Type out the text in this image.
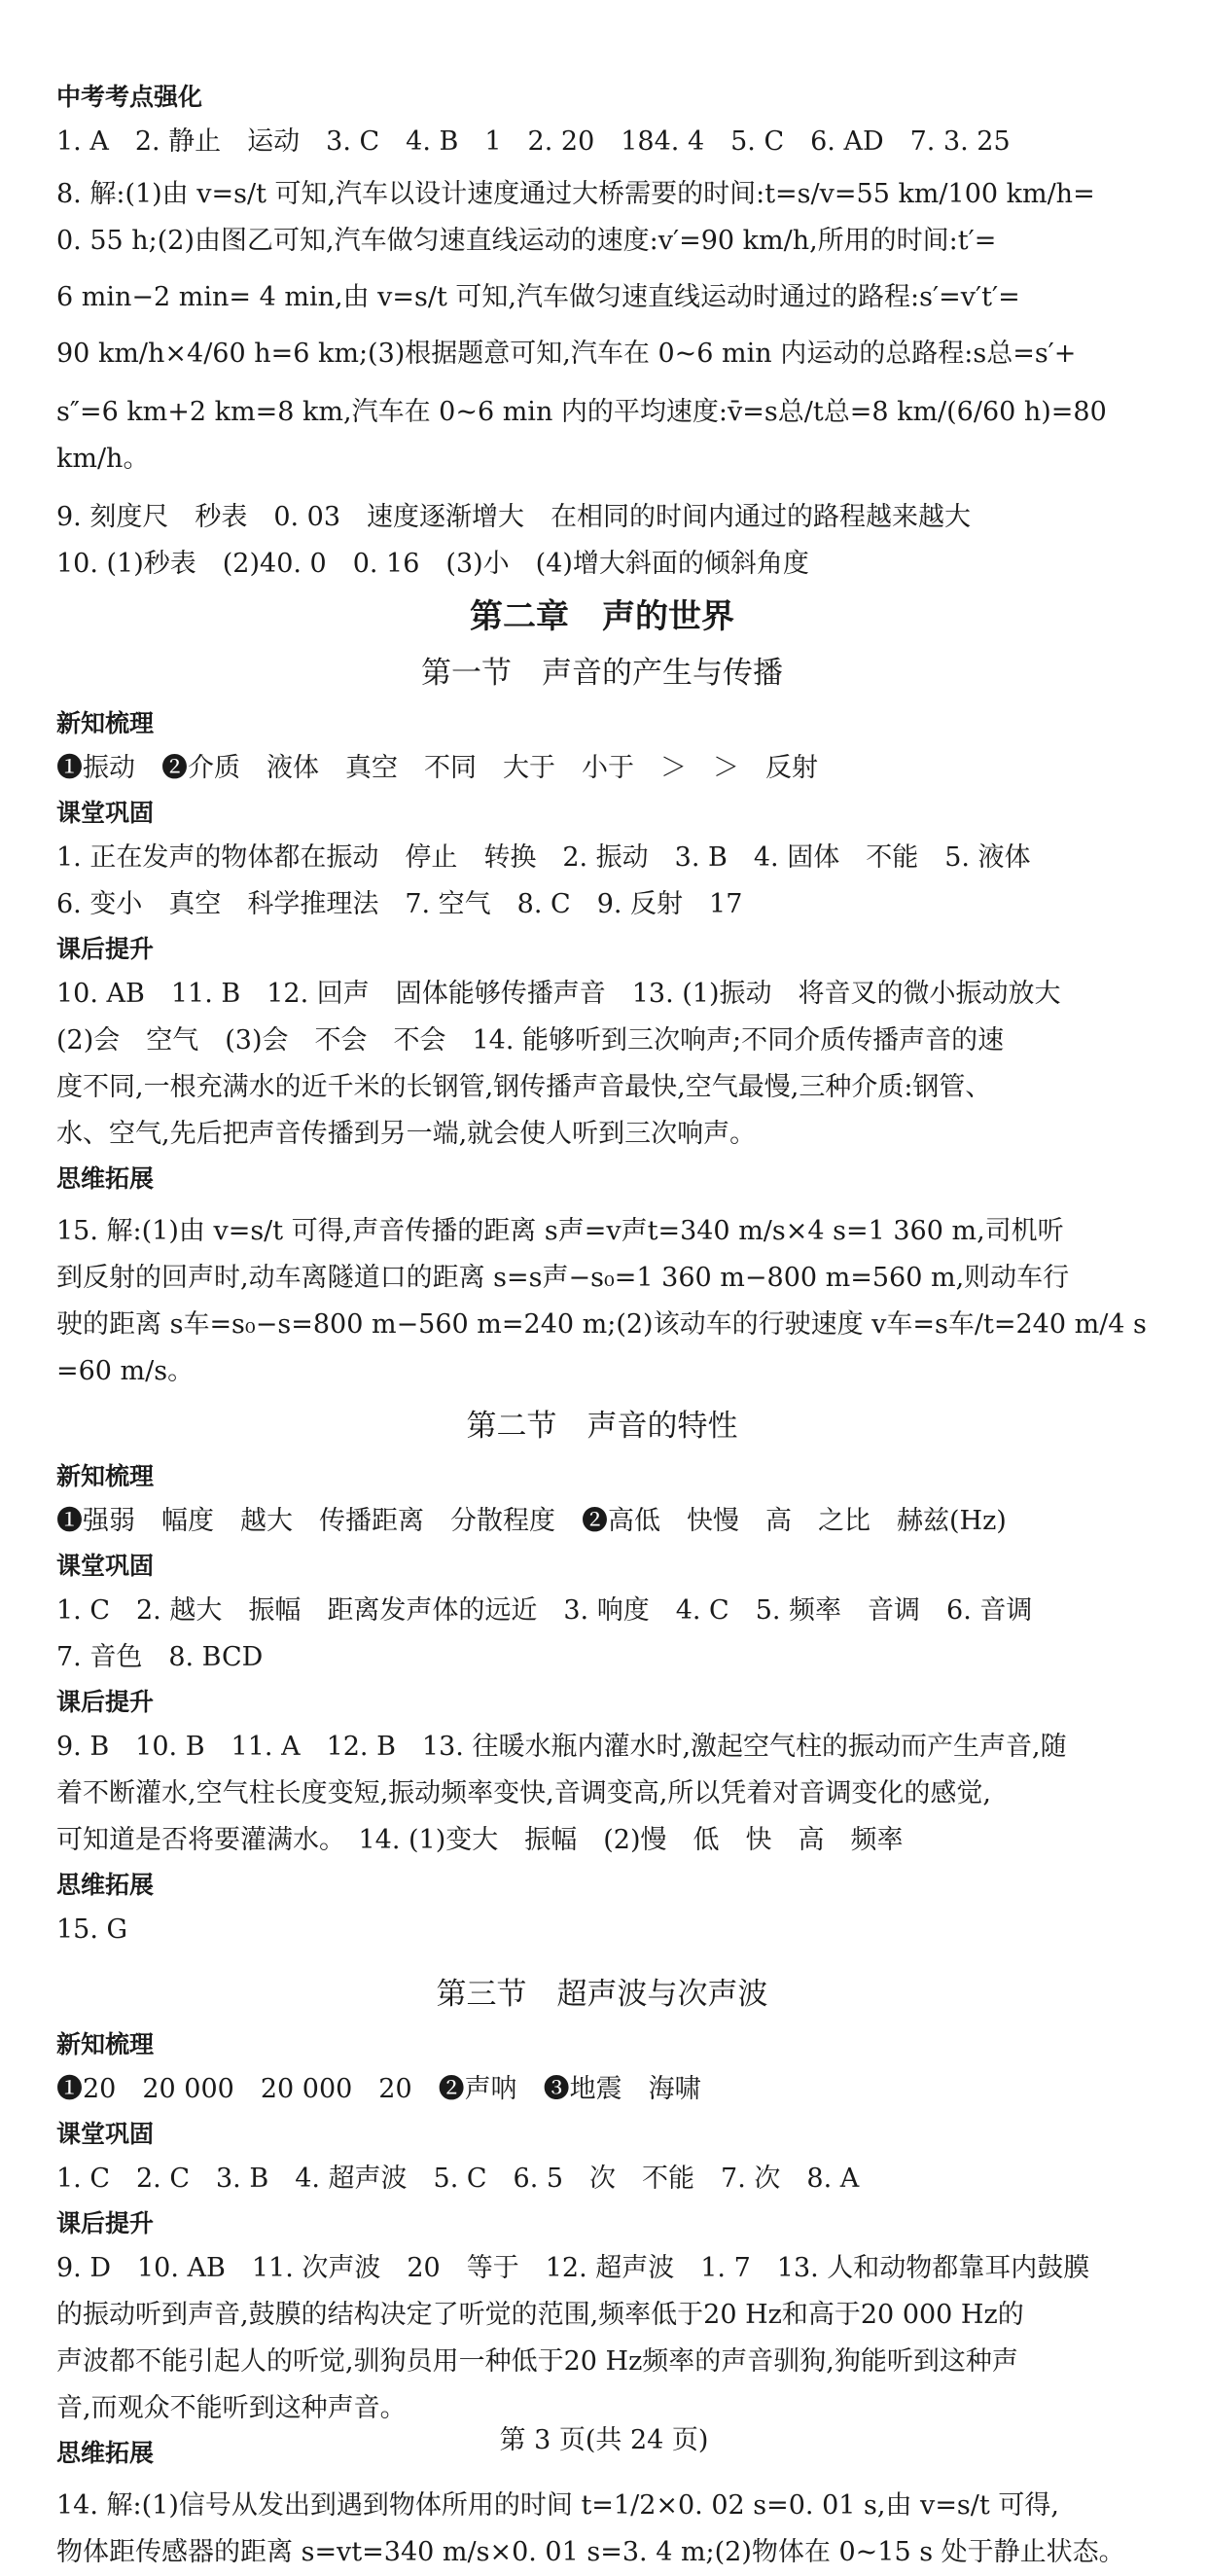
中考考点强化
1. A　2. 静止　运动　3. C　4. B　1　2. 20　184. 4　5. C　6. AD　7. 3. 25
8. 解:(1)由 v=s/t 可知,汽车以设计速度通过大桥需要的时间:t=s/v=55 km/100 km/h=
0. 55 h;(2)由图乙可知,汽车做匀速直线运动的速度:v′=90 km/h,所用的时间:t′=
6 min−2 min= 4 min,由 v=s/t 可知,汽车做匀速直线运动时通过的路程:s′=v′t′=
90 km/h×4/60 h=6 km;(3)根据题意可知,汽车在 0~6 min 内运动的总路程:s总=s′+
s″=6 km+2 km=8 km,汽车在 0~6 min 内的平均速度:v̄=s总/t总=8 km/(6/60 h)=80 km/h。
9. 刻度尺　秒表　0. 03　速度逐渐增大　在相同的时间内通过的路程越来越大
10. (1)秒表　(2)40. 0　0. 16　(3)小　(4)增大斜面的倾斜角度
第二章　声的世界
第一节　声音的产生与传播
新知梳理
❶振动　❷介质　液体　真空　不同　大于　小于　＞　＞　反射
课堂巩固
1. 正在发声的物体都在振动　停止　转换　2. 振动　3. B　4. 固体　不能　5. 液体
6. 变小　真空　科学推理法　7. 空气　8. C　9. 反射　17
课后提升
10. AB　11. B　12. 回声　固体能够传播声音　13. (1)振动　将音叉的微小振动放大
(2)会　空气　(3)会　不会　不会　14. 能够听到三次响声;不同介质传播声音的速
度不同,一根充满水的近千米的长钢管,钢传播声音最快,空气最慢,三种介质:钢管、
水、空气,先后把声音传播到另一端,就会使人听到三次响声。
思维拓展
15. 解:(1)由 v=s/t 可得,声音传播的距离 s声=v声t=340 m/s×4 s=1 360 m,司机听
到反射的回声时,动车离隧道口的距离 s=s声−s₀=1 360 m−800 m=560 m,则动车行
驶的距离 s车=s₀−s=800 m−560 m=240 m;(2)该动车的行驶速度 v车=s车/t=240 m/4 s
=60 m/s。
第二节　声音的特性
新知梳理
❶强弱　幅度　越大　传播距离　分散程度　❷高低　快慢　高　之比　赫兹(Hz)
课堂巩固
1. C　2. 越大　振幅　距离发声体的远近　3. 响度　4. C　5. 频率　音调　6. 音调
7. 音色　8. BCD
课后提升
9. B　10. B　11. A　12. B　13. 往暖水瓶内灌水时,激起空气柱的振动而产生声音,随
着不断灌水,空气柱长度变短,振动频率变快,音调变高,所以凭着对音调变化的感觉,
可知道是否将要灌满水。　14. (1)变大　振幅　(2)慢　低　快　高　频率
思维拓展
15. G
第三节　超声波与次声波
新知梳理
❶20　20 000　20 000　20　❷声呐　❸地震　海啸
课堂巩固
1. C　2. C　3. B　4. 超声波　5. C　6. 5　次　不能　7. 次　8. A
课后提升
9. D　10. AB　11. 次声波　20　等于　12. 超声波　1. 7　13. 人和动物都靠耳内鼓膜
的振动听到声音,鼓膜的结构决定了听觉的范围,频率低于20 Hz和高于20 000 Hz的
声波都不能引起人的听觉,驯狗员用一种低于20 Hz频率的声音驯狗,狗能听到这种声
音,而观众不能听到这种声音。
思维拓展
14. 解:(1)信号从发出到遇到物体所用的时间 t=1/2×0. 02 s=0. 01 s,由 v=s/t 可得,
物体距传感器的距离 s=vt=340 m/s×0. 01 s=3. 4 m;(2)物体在 0~15 s 处于静止状态。
第 3 页(共 24 页)
